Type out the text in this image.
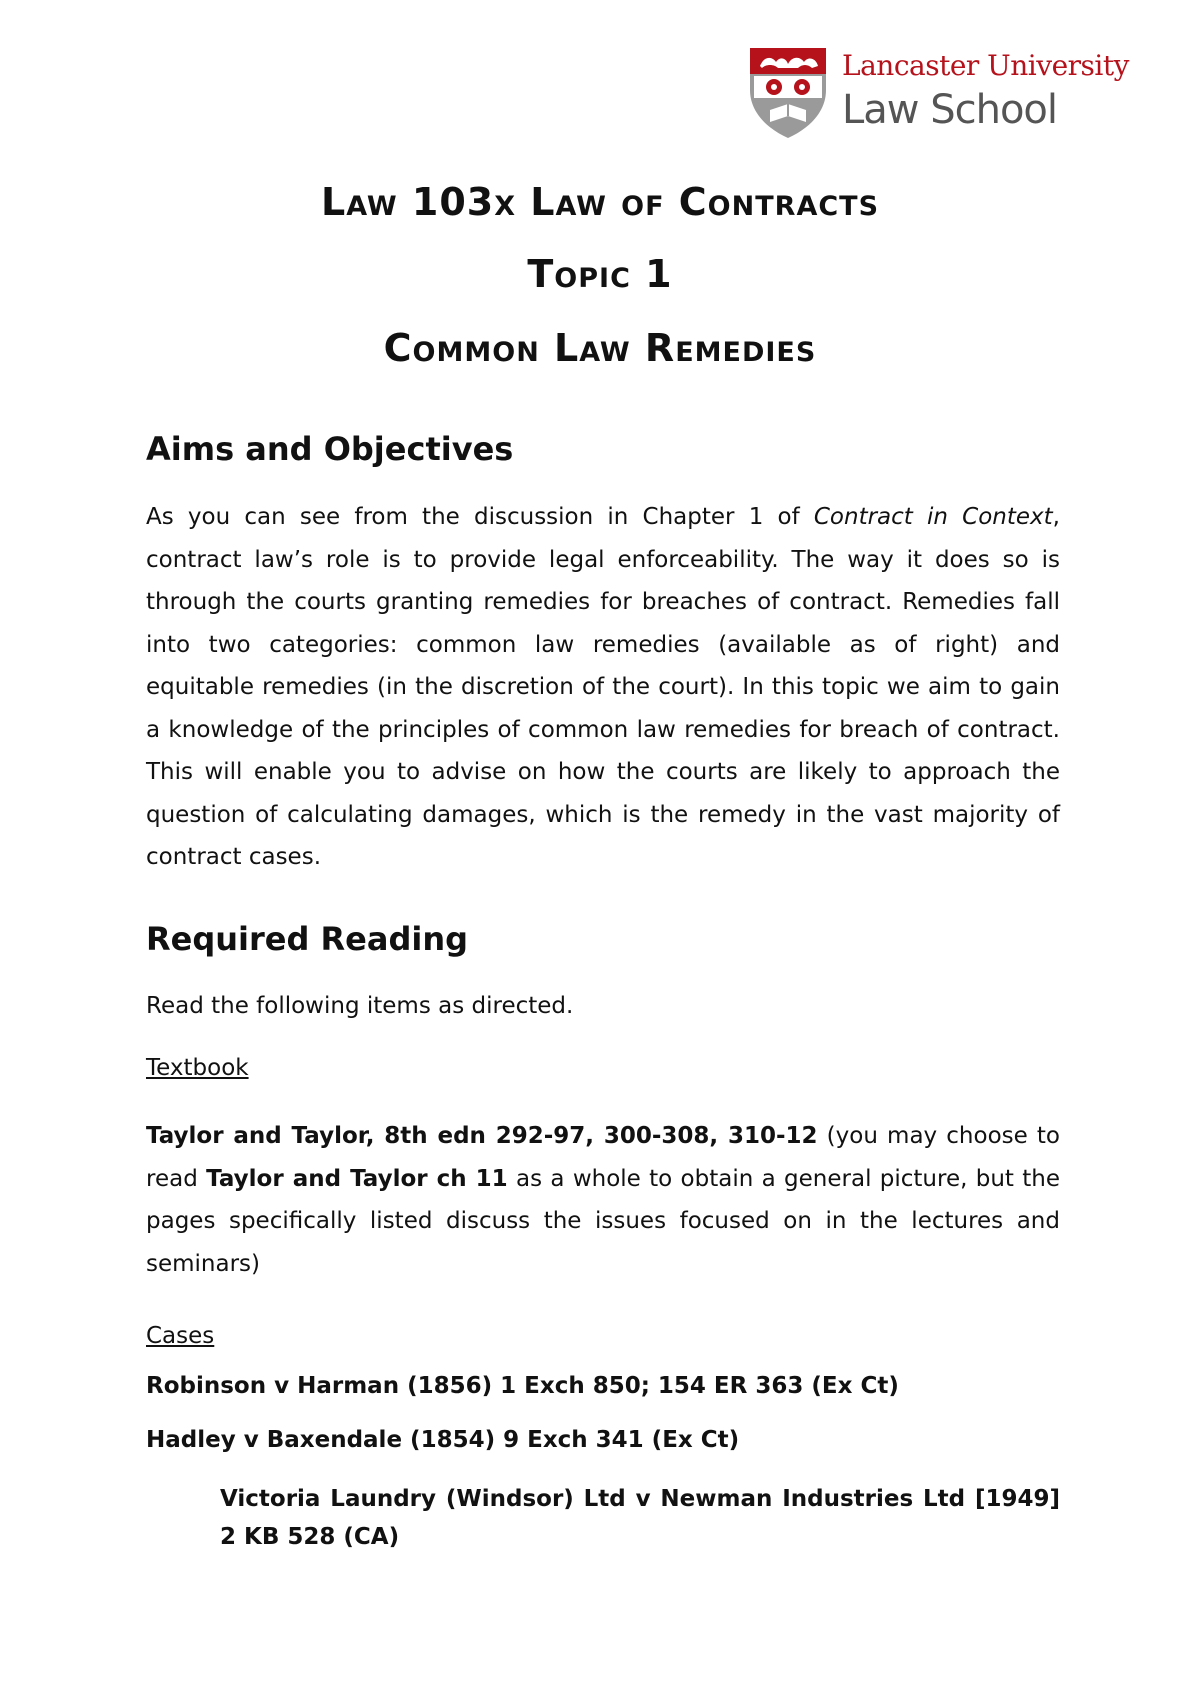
Lancaster University
Law School
Law 103x Law of Contracts
Topic 1
Common Law Remedies
Aims and Objectives
As you can see from the discussion in Chapter 1 of Contract in Context, contract law’s role is to provide legal enforceability. The way it does so is through the courts granting remedies for breaches of contract. Remedies fall into two categories: common law remedies (available as of right) and equitable remedies (in the discretion of the court). In this topic we aim to gain a knowledge of the principles of common law remedies for breach of contract. This will enable you to advise on how the courts are likely to approach the question of calculating damages, which is the remedy in the vast majority of contract cases.
Required Reading
Read the following items as directed.
Textbook
Taylor and Taylor, 8th edn 292-97, 300-308, 310-12 (you may choose to read Taylor and Taylor ch 11 as a whole to obtain a general picture, but the pages specifically listed discuss the issues focused on in the lectures and seminars)
Cases
Robinson v Harman (1856) 1 Exch 850; 154 ER 363 (Ex Ct)
Hadley v Baxendale (1854) 9 Exch 341 (Ex Ct)
Victoria Laundry (Windsor) Ltd v Newman Industries Ltd [1949] 2 KB 528 (CA)
